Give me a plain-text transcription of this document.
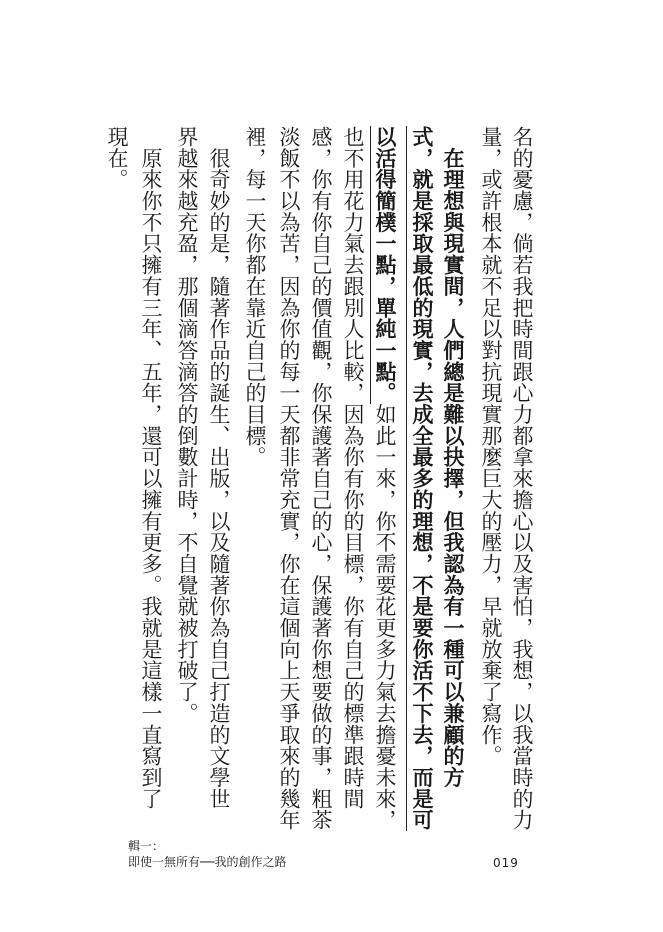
名的憂慮，倘若我把時間跟心力都拿來擔心以及害怕，我想，以我當時的力
量，或許根本就不足以對抗現實那麼巨大的壓力，早就放棄了寫作。
　在理想與現實間，人們總是難以抉擇，但我認為有一種可以兼顧的方
式，就是採取最低的現實，去成全最多的理想，不是要你活不下去，而是可
以活得簡樸一點，單純一點。如此一來，你不需要花更多力氣去擔憂未來，
也不用花力氣去跟別人比較，因為你有你的目標，你有自己的標準跟時間
感，你有你自己的價值觀，你保護著自己的心，保護著你想要做的事，粗茶
淡飯不以為苦，因為你的每一天都非常充實，你在這個向上天爭取來的幾年
裡，每一天你都在靠近自己的目標。
　很奇妙的是，隨著作品的誕生、出版，以及隨著你為自己打造的文學世
界越來越充盈，那個滴答滴答的倒數計時，不自覺就被打破了。
　原來你不只擁有三年、五年，還可以擁有更多。我就是這樣一直寫到了
現在。
輯一：
即使一無所有──我的創作之路	019
